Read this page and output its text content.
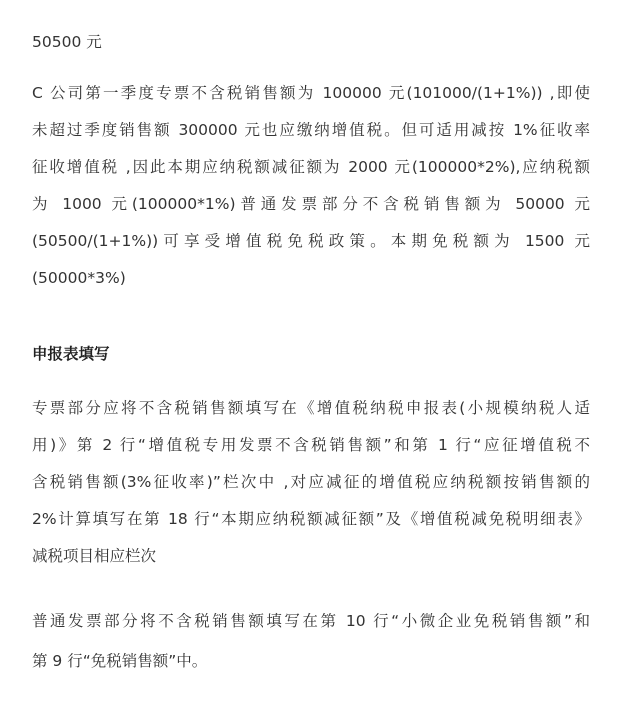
50500 元
C 公司第一季度专票不含税销售额为 100000 元(101000/(1+1%)) ,即使
未超过季度销售额 300000 元也应缴纳增值税。但可适用减按 1%征收率
征收增值税 ,因此本期应纳税额减征额为 2000 元(100000*2%),应纳税额
为 1000 元(100000*1%)普通发票部分不含税销售额为 50000 元
(50500/(1+1%))可享受增值税免税政策。本期免税额为 1500 元
(50000*3%)
申报表填写
专票部分应将不含税销售额填写在《增值税纳税申报表(小规模纳税人适
用)》第 2 行“增值税专用发票不含税销售额”和第 1 行“应征增值税不
含税销售额(3%征收率)”栏次中 ,对应减征的增值税应纳税额按销售额的
2%计算填写在第 18 行“本期应纳税额减征额”及《增值税减免税明细表》
减税项目相应栏次
普通发票部分将不含税销售额填写在第 10 行“小微企业免税销售额”和
第 9 行“免税销售额”中。
